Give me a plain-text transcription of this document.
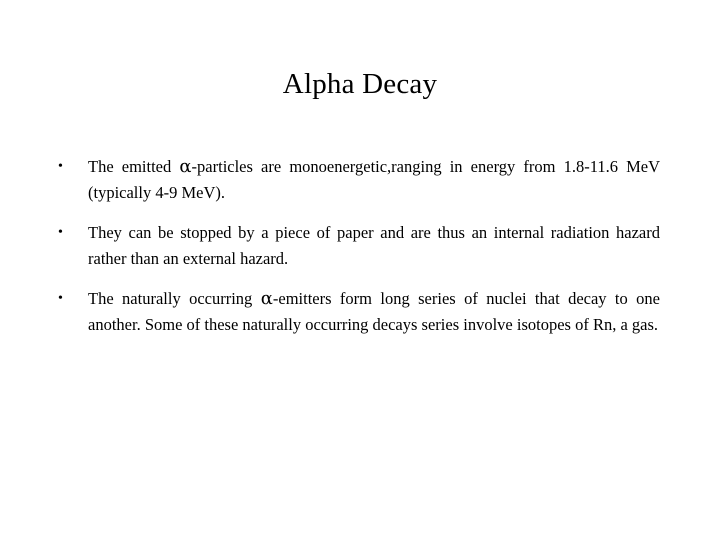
Alpha Decay
•	The emitted α-particles are monoenergetic,ranging in energy from 1.8-11.6 MeV (typically 4-9 MeV).
•	They can be stopped by a piece of paper and are thus an internal radiation hazard rather than an external hazard.
•	The naturally occurring α-emitters form long series of nuclei that decay to one another. Some of these naturally occurring decays series involve isotopes of Rn, a gas.
